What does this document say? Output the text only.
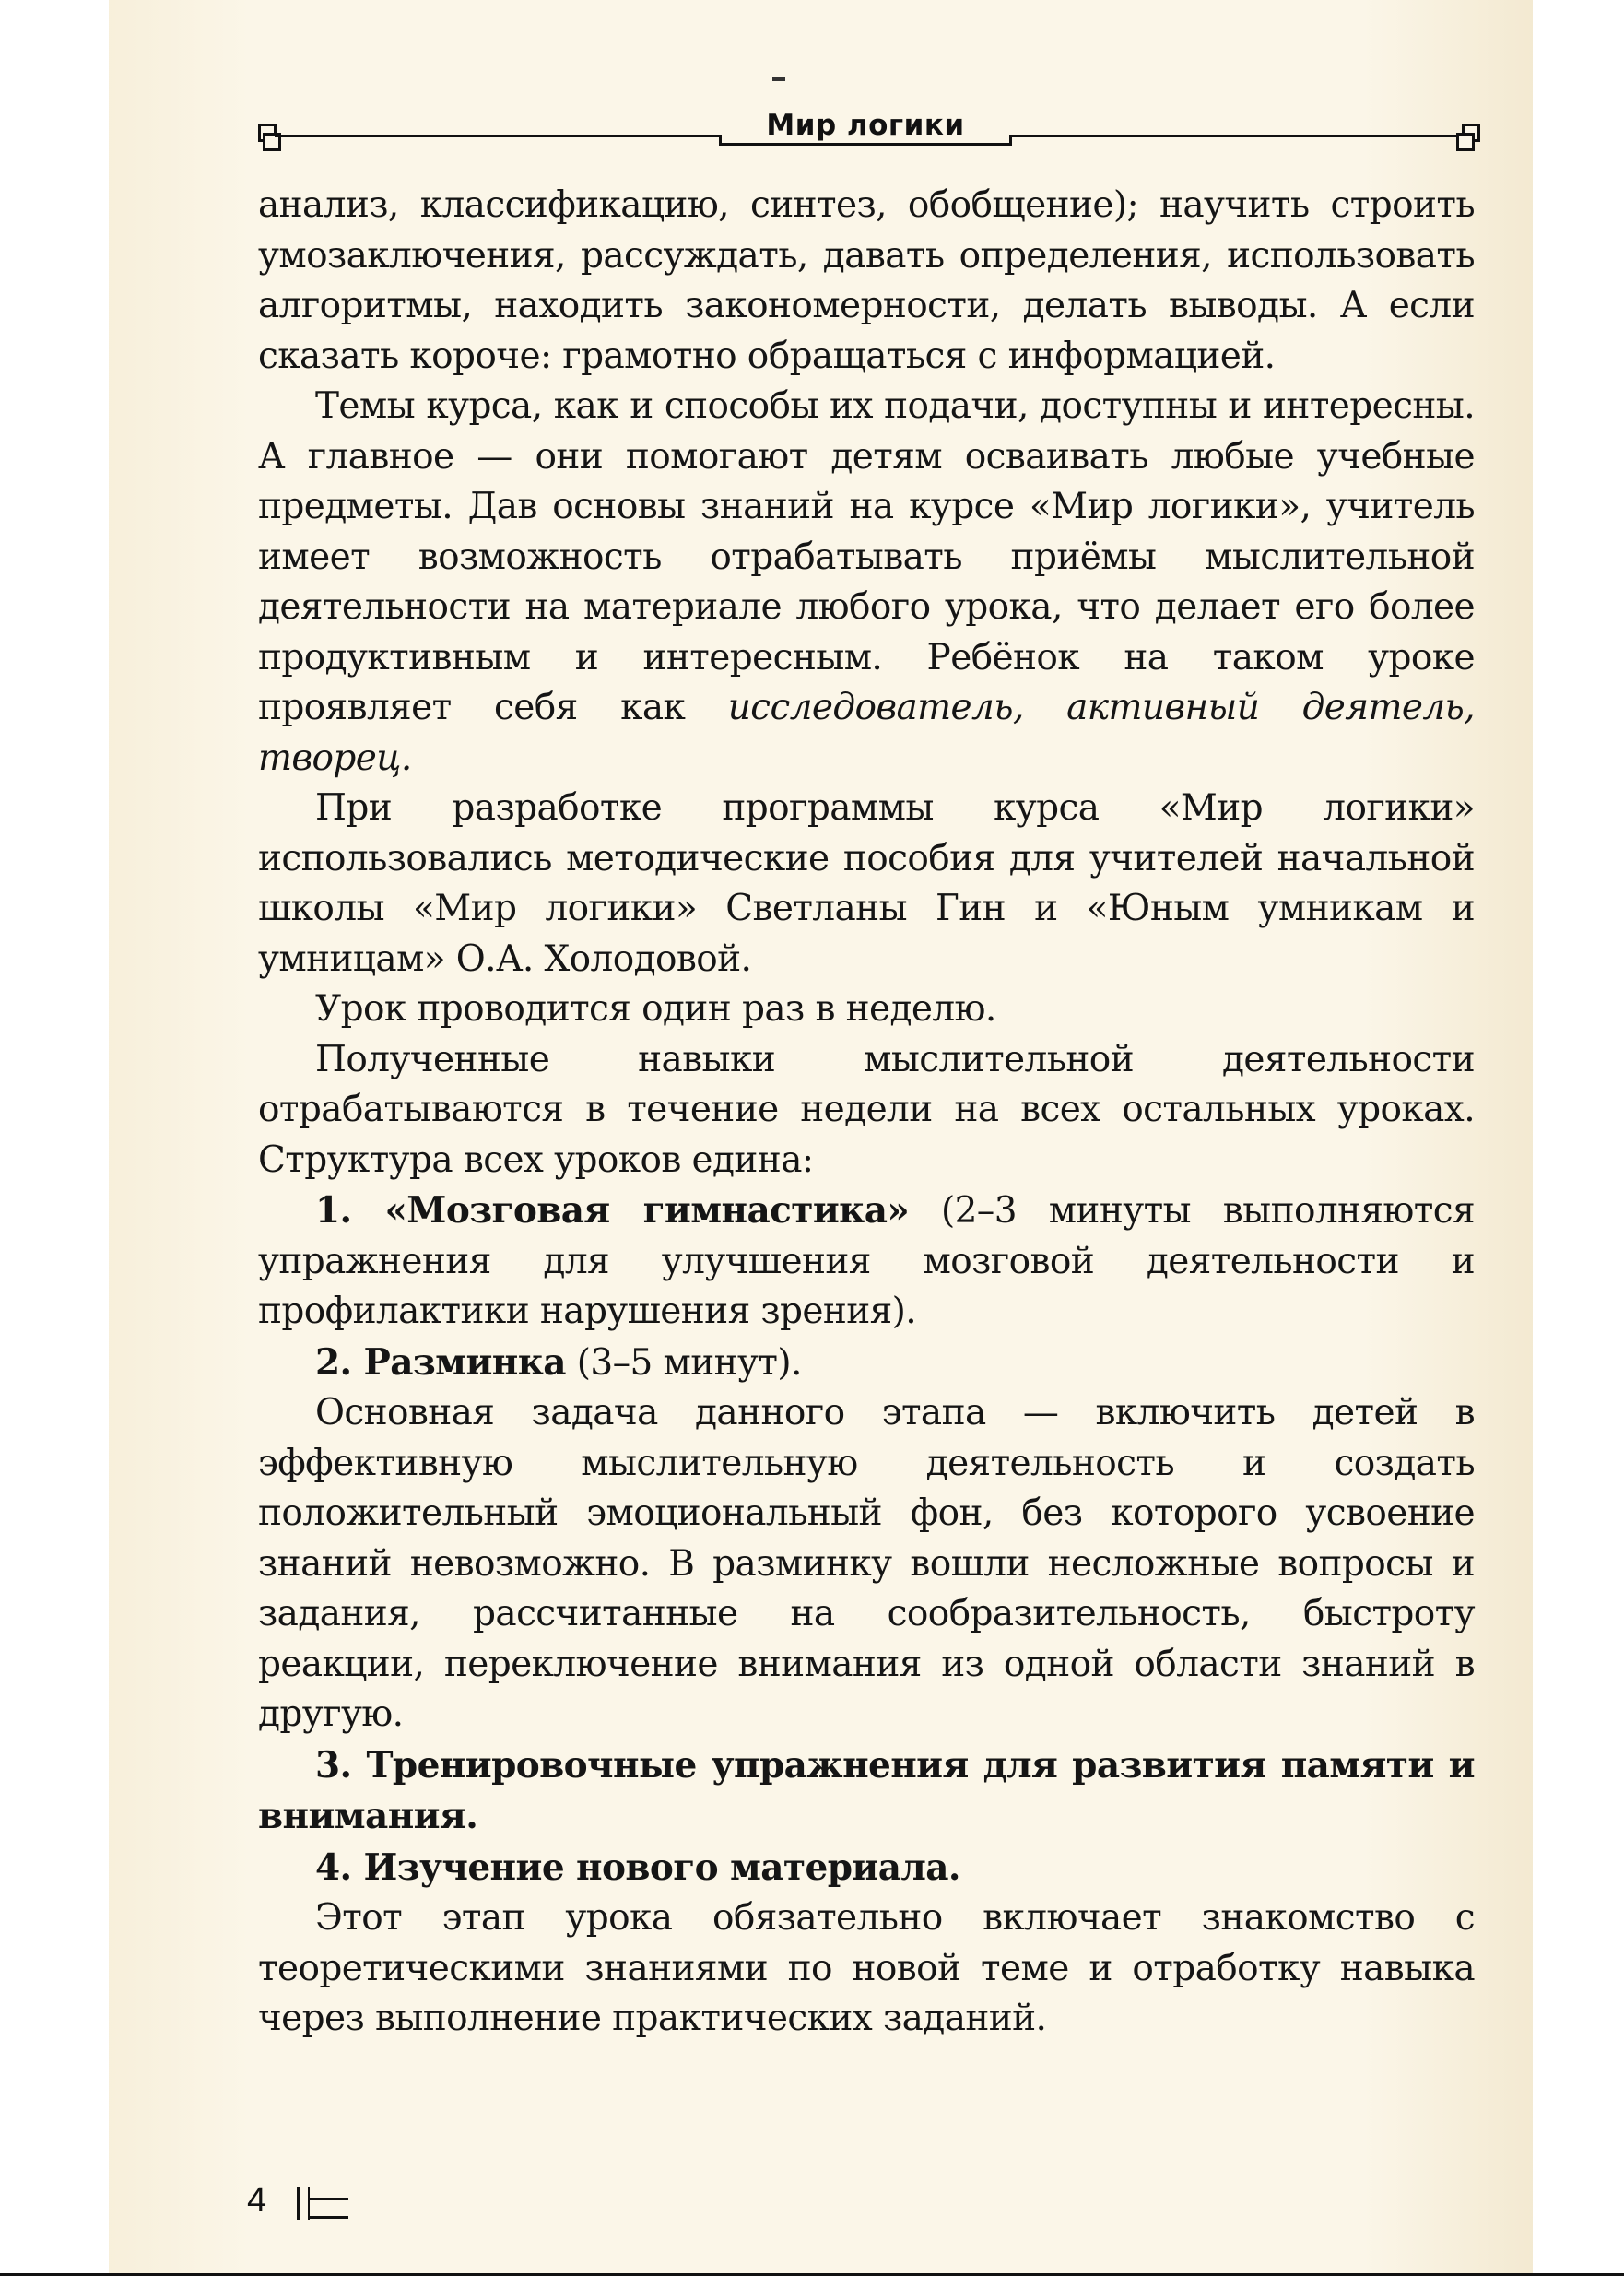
Мир логики

анализ, классификацию, синтез, обобщение); научить строить умозаключения, рассуждать, давать определения, использовать алгоритмы, находить закономерности, делать выводы. А если сказать короче: грамотно обращаться с информацией.

Темы курса, как и способы их подачи, доступны и интересны. А главное — они помогают детям осваивать любые учебные предметы. Дав основы знаний на курсе «Мир логики», учитель имеет возможность отрабатывать приёмы мыслительной деятельности на материале любого урока, что делает его более продуктивным и интересным. Ребёнок на таком уроке проявляет себя как исследователь, активный деятель, творец.

При разработке программы курса «Мир логики» использовались методические пособия для учителей начальной школы «Мир логики» Светланы Гин и «Юным умникам и умницам» О.А. Холодовой.

Урок проводится один раз в неделю.

Полученные навыки мыслительной деятельности отрабатываются в течение недели на всех остальных уроках. Структура всех уроков едина:

1. «Мозговая гимнастика» (2–3 минуты выполняются упражнения для улучшения мозговой деятельности и профилактики нарушения зрения).

2. Разминка (3–5 минут).

Основная задача данного этапа — включить детей в эффективную мыслительную деятельность и создать положительный эмоциональный фон, без которого усвоение знаний невозможно. В разминку вошли несложные вопросы и задания, рассчитанные на сообразительность, быстроту реакции, переключение внимания из одной области знаний в другую.

3. Тренировочные упражнения для развития памяти и внимания.

4. Изучение нового материала.

Этот этап урока обязательно включает знакомство с теоретическими знаниями по новой теме и отработку навыка через выполнение практических заданий.

4
